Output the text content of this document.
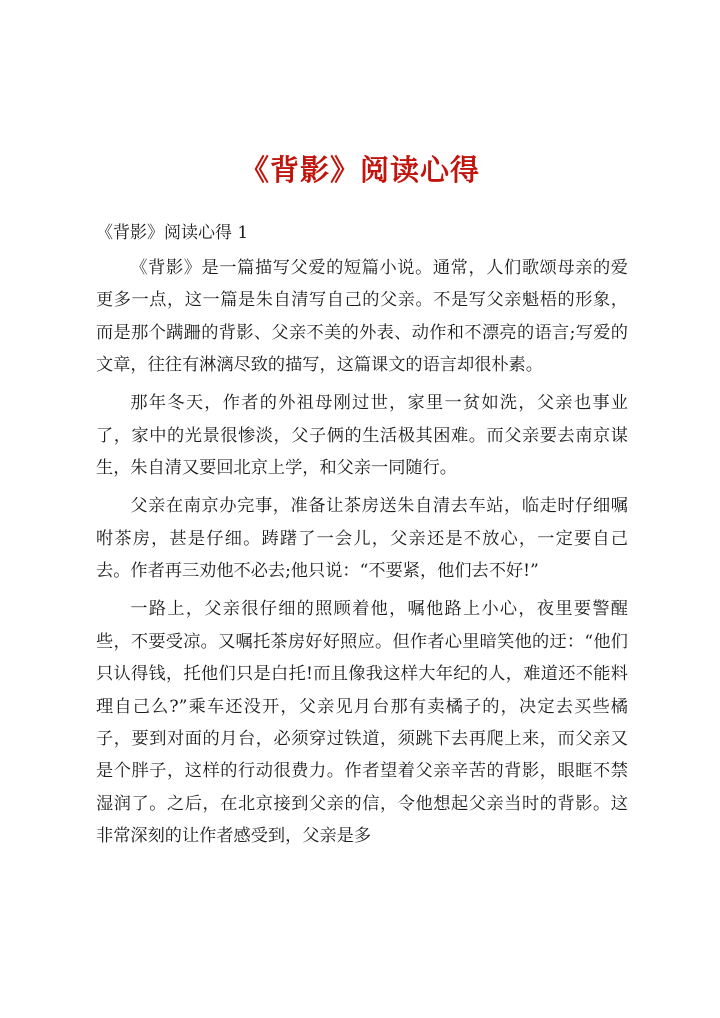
《背影》阅读心得

《背影》阅读心得 1

《背影》是一篇描写父爱的短篇小说。通常，人们歌颂母亲的爱更多一点，这一篇是朱自清写自己的父亲。不是写父亲魁梧的形象，而是那个蹒跚的背影、父亲不美的外表、动作和不漂亮的语言;写爱的文章，往往有淋漓尽致的描写，这篇课文的语言却很朴素。

那年冬天，作者的外祖母刚过世，家里一贫如洗，父亲也事业了，家中的光景很惨淡，父子俩的生活极其困难。而父亲要去南京谋生，朱自清又要回北京上学，和父亲一同随行。

父亲在南京办完事，准备让茶房送朱自清去车站，临走时仔细嘱咐茶房，甚是仔细。踌躇了一会儿，父亲还是不放心，一定要自己去。作者再三劝他不必去;他只说：“不要紧，他们去不好!”

一路上，父亲很仔细的照顾着他，嘱他路上小心，夜里要警醒些，不要受凉。又嘱托茶房好好照应。但作者心里暗笑他的迂：“他们只认得钱，托他们只是白托!而且像我这样大年纪的人，难道还不能料理自己么?”乘车还没开，父亲见月台那有卖橘子的，决定去买些橘子，要到对面的月台，必须穿过铁道，须跳下去再爬上来，而父亲又是个胖子，这样的行动很费力。作者望着父亲辛苦的背影，眼眶不禁湿润了。之后，在北京接到父亲的信，令他想起父亲当时的背影。这非常深刻的让作者感受到，父亲是多
